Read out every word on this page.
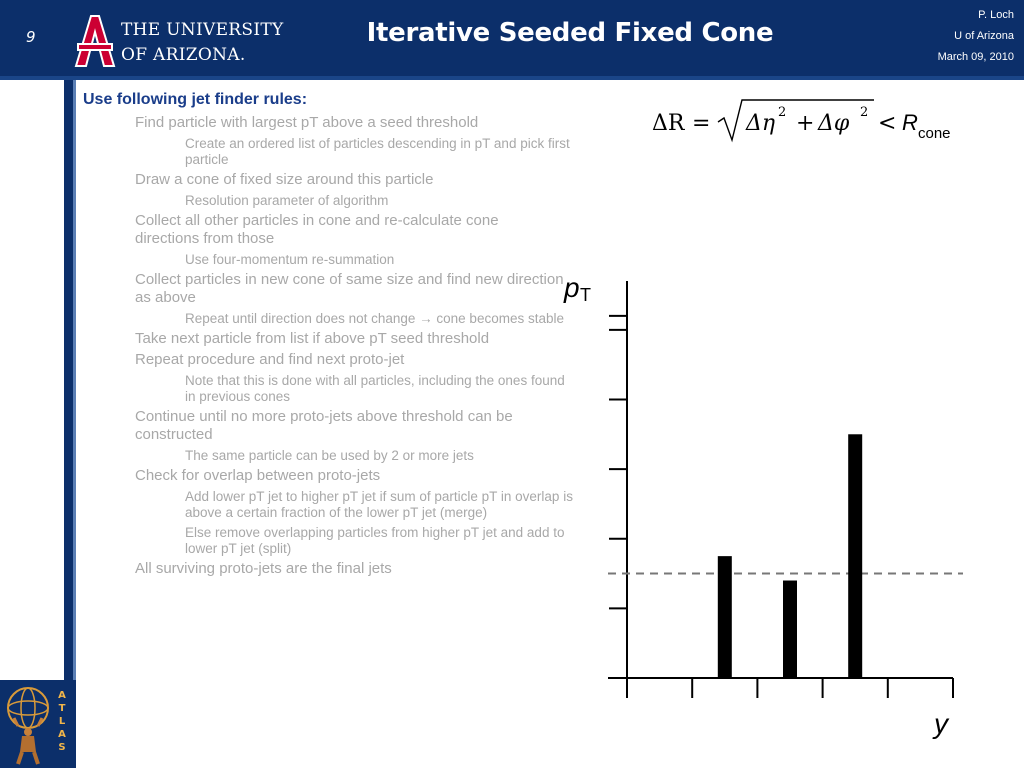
9	THE UNIVERSITY
OF ARIZONA.
Iterative Seeded Fixed Cone
P. Loch
U of Arizona
March 09, 2010
A
T
L
A
S
Use following jet finder rules:
Find particle with largest pT above a seed threshold
Create an ordered list of particles descending in pT and pick first particle
Draw a cone of fixed size around this particle
Resolution parameter of algorithm
Collect all other particles in cone and re-calculate cone directions from those
Use four-momentum re-summation
Collect particles in new cone of same size and find new direction as above
Repeat until direction does not change → cone becomes stable
Take next particle from list if above pT seed threshold
Repeat procedure and find next proto-jet
Note that this is done with all particles, including the ones found in previous cones
Continue until no more proto-jets above threshold can be constructed
The same particle can be used by 2 or more jets
Check for overlap between proto-jets
Add lower pT jet to higher pT jet if sum of particle pT in overlap is above a certain fraction of the lower pT jet (merge)
Else remove overlapping particles from higher pT jet and add to lower pT jet (split)
All surviving proto-jets are the final jets
ΔR = Δη 2 + Δφ 2 < R cone
p T
y
